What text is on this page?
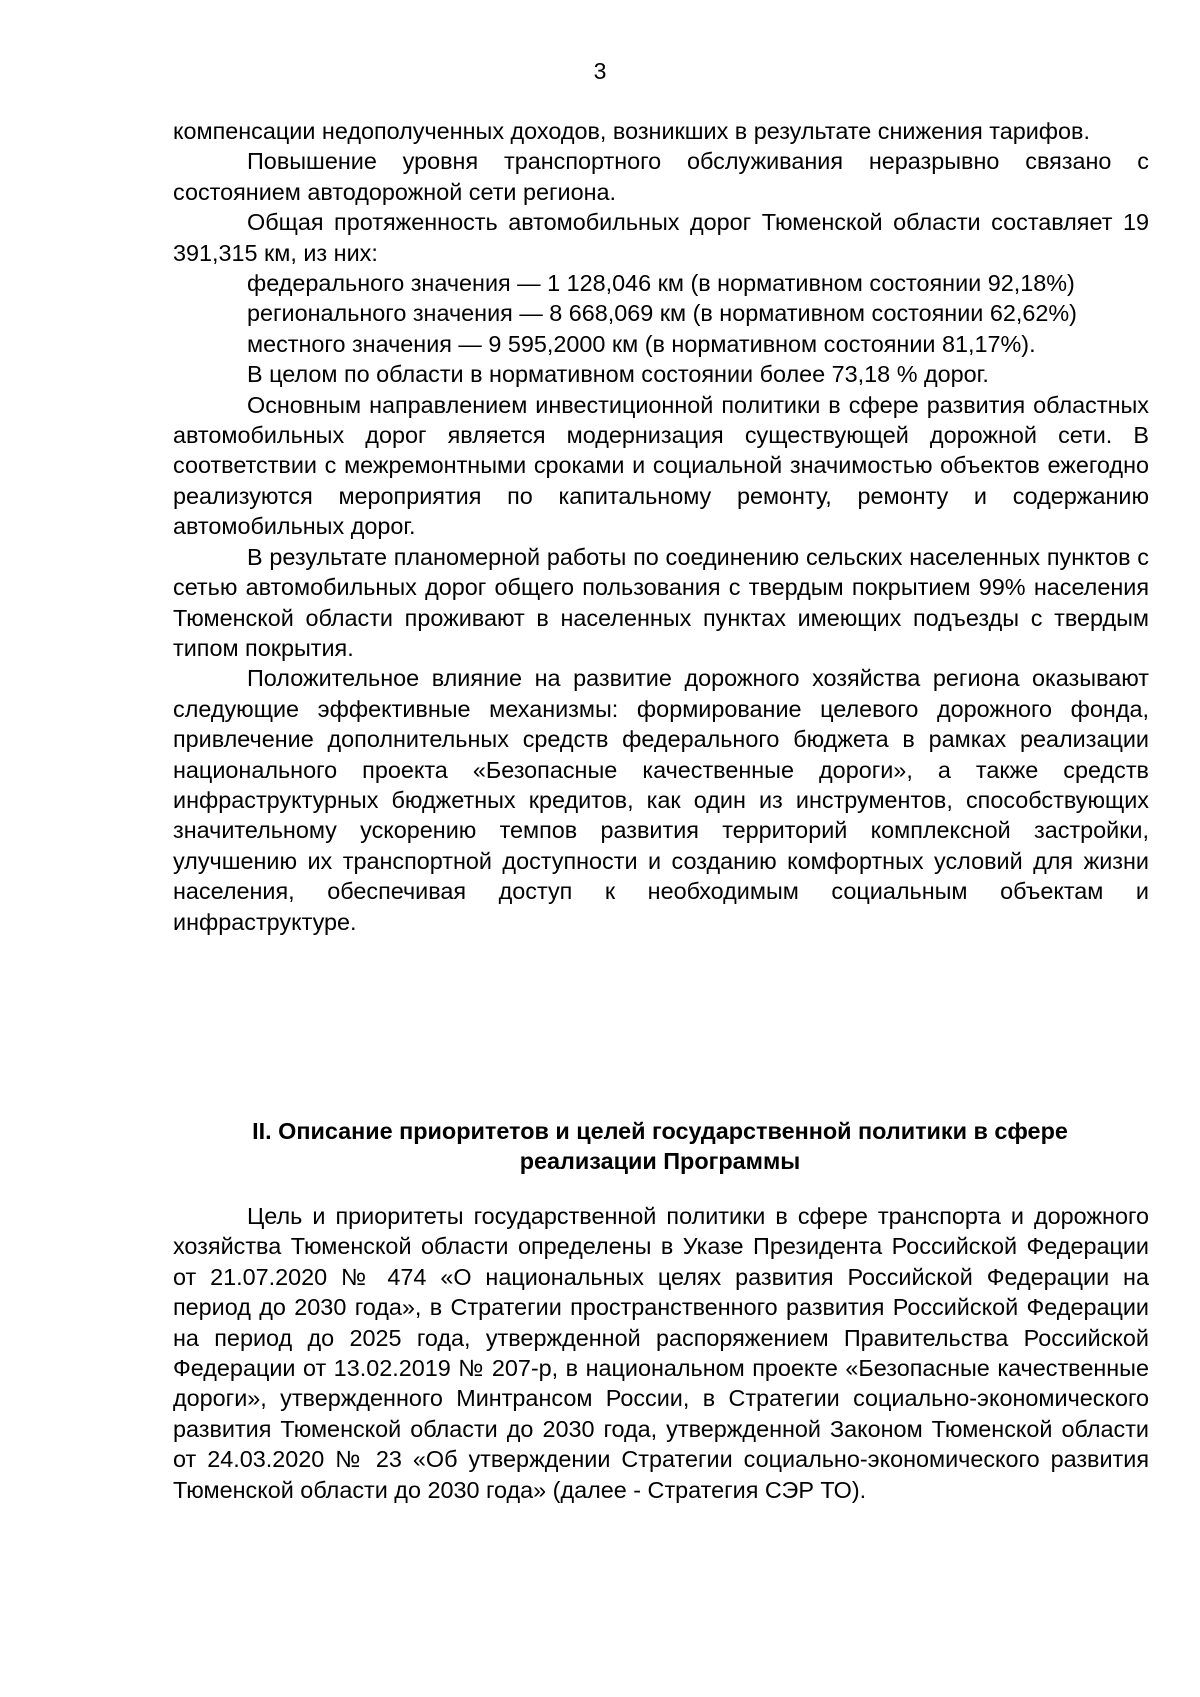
3

компенсации недополученных доходов, возникших в результате снижения тарифов.

Повышение уровня транспортного обслуживания неразрывно связано с состоянием автодорожной сети региона.

Общая протяженность автомобильных дорог Тюменской области составляет 19 391,315 км, из них:

федерального значения — 1 128,046 км (в нормативном состоянии 92,18%)

регионального значения — 8 668,069 км (в нормативном состоянии 62,62%)

местного значения — 9 595,2000 км (в нормативном состоянии 81,17%).

В целом по области в нормативном состоянии более 73,18 % дорог.

Основным направлением инвестиционной политики в сфере развития областных автомобильных дорог является модернизация существующей дорожной сети. В соответствии с межремонтными сроками и социальной значимостью объектов ежегодно реализуются мероприятия по капитальному ремонту, ремонту и содержанию автомобильных дорог.

В результате планомерной работы по соединению сельских населенных пунктов с сетью автомобильных дорог общего пользования с твердым покрытием 99% населения Тюменской области проживают в населенных пунктах имеющих подъезды с твердым типом покрытия.

Положительное влияние на развитие дорожного хозяйства региона оказывают следующие эффективные механизмы: формирование целевого дорожного фонда, привлечение дополнительных средств федерального бюджета в рамках реализации национального проекта «Безопасные качественные дороги», а также средств инфраструктурных бюджетных кредитов, как один из инструментов, способствующих значительному ускорению темпов развития территорий комплексной застройки, улучшению их транспортной доступности и созданию комфортных условий для жизни населения, обеспечивая доступ к необходимым социальным объектам и инфраструктуре.

II. Описание приоритетов и целей государственной политики в сфере реализации Программы

Цель и приоритеты государственной политики в сфере транспорта и дорожного хозяйства Тюменской области определены в Указе Президента Российской Федерации от 21.07.2020 № 474 «О национальных целях развития Российской Федерации на период до 2030 года», в Стратегии пространственного развития Российской Федерации на период до 2025 года, утвержденной распоряжением Правительства Российской Федерации от 13.02.2019 № 207-р, в национальном проекте «Безопасные качественные дороги», утвержденного Минтрансом России, в Стратегии социально-экономического развития Тюменской области до 2030 года, утвержденной Законом Тюменской области от 24.03.2020 № 23 «Об утверждении Стратегии социально-экономического развития Тюменской области до 2030 года» (далее - Стратегия СЭР ТО).
